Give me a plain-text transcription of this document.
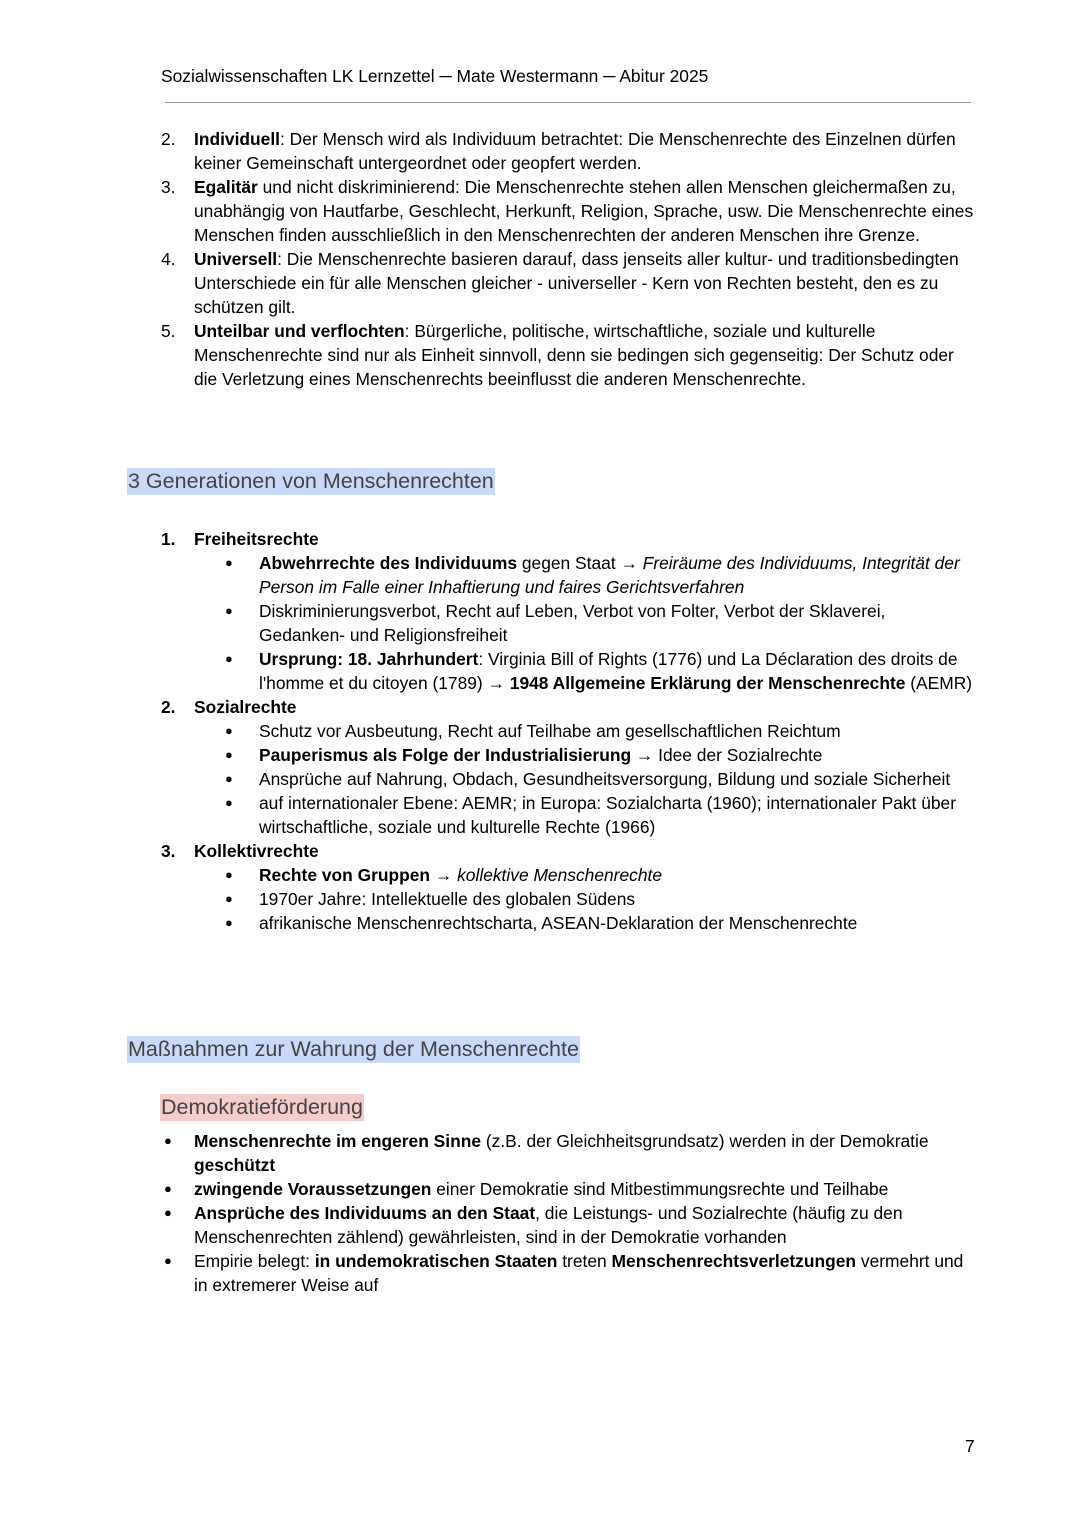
Sozialwissenschaften LK Lernzettel ─ Mate Westermann ─ Abitur 2025
2.	Individuell: Der Mensch wird als Individuum betrachtet: Die Menschenrechte des Einzelnen dürfen keiner Gemeinschaft untergeordnet oder geopfert werden.
3.	Egalitär und nicht diskriminierend: Die Menschenrechte stehen allen Menschen gleichermaßen zu, unabhängig von Hautfarbe, Geschlecht, Herkunft, Religion, Sprache, usw. Die Menschenrechte eines Menschen finden ausschließlich in den Menschenrechten der anderen Menschen ihre Grenze.
4.	Universell: Die Menschenrechte basieren darauf, dass jenseits aller kultur- und traditionsbedingten Unterschiede ein für alle Menschen gleicher - universeller - Kern von Rechten besteht, den es zu schützen gilt.
5.	Unteilbar und verflochten: Bürgerliche, politische, wirtschaftliche, soziale und kulturelle Menschenrechte sind nur als Einheit sinnvoll, denn sie bedingen sich gegenseitig: Der Schutz oder die Verletzung eines Menschenrechts beeinflusst die anderen Menschenrechte.
3 Generationen von Menschenrechten
1.	Freiheitsrechte
●	Abwehrrechte des Individuums gegen Staat → Freiräume des Individuums, Integrität der Person im Falle einer Inhaftierung und faires Gerichtsverfahren
●	Diskriminierungsverbot, Recht auf Leben, Verbot von Folter, Verbot der Sklaverei, Gedanken- und Religionsfreiheit
●	Ursprung: 18. Jahrhundert: Virginia Bill of Rights (1776) und La Déclaration des droits de l'homme et du citoyen (1789) → 1948 Allgemeine Erklärung der Menschenrechte (AEMR)
2.	Sozialrechte
●	Schutz vor Ausbeutung, Recht auf Teilhabe am gesellschaftlichen Reichtum
●	Pauperismus als Folge der Industrialisierung → Idee der Sozialrechte
●	Ansprüche auf Nahrung, Obdach, Gesundheitsversorgung, Bildung und soziale Sicherheit
●	auf internationaler Ebene: AEMR; in Europa: Sozialcharta (1960); internationaler Pakt über wirtschaftliche, soziale und kulturelle Rechte (1966)
3.	Kollektivrechte
●	Rechte von Gruppen → kollektive Menschenrechte
●	1970er Jahre: Intellektuelle des globalen Südens
●	afrikanische Menschenrechtscharta, ASEAN-Deklaration der Menschenrechte
Maßnahmen zur Wahrung der Menschenrechte
Demokratieförderung
●	Menschenrechte im engeren Sinne (z.B. der Gleichheitsgrundsatz) werden in der Demokratie geschützt
●	zwingende Voraussetzungen einer Demokratie sind Mitbestimmungsrechte und Teilhabe
●	Ansprüche des Individuums an den Staat, die Leistungs- und Sozialrechte (häufig zu den Menschenrechten zählend) gewährleisten, sind in der Demokratie vorhanden
●	Empirie belegt: in undemokratischen Staaten treten Menschenrechtsverletzungen vermehrt und in extremerer Weise auf
7
